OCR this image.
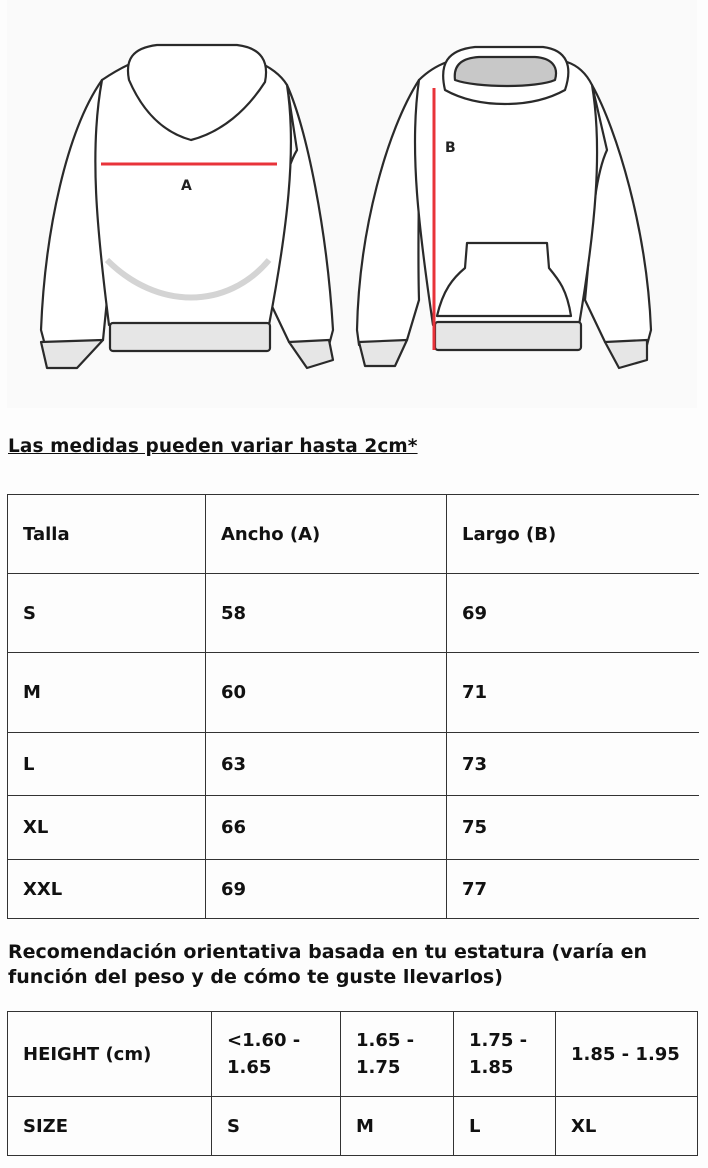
A
B
Las medidas pueden variar hasta 2cm*
Talla	Ancho (A)	Largo (B)
S	58	69
M	60	71
L	63	73
XL	66	75
XXL	69	77
Recomendación orientativa basada en tu estatura (varía en función del peso y de cómo te guste llevarlos)
HEIGHT (cm)	<1.60 - 1.65	1.65 - 1.75	1.75 - 1.85	1.85 - 1.95
SIZE	S	M	L	XL
